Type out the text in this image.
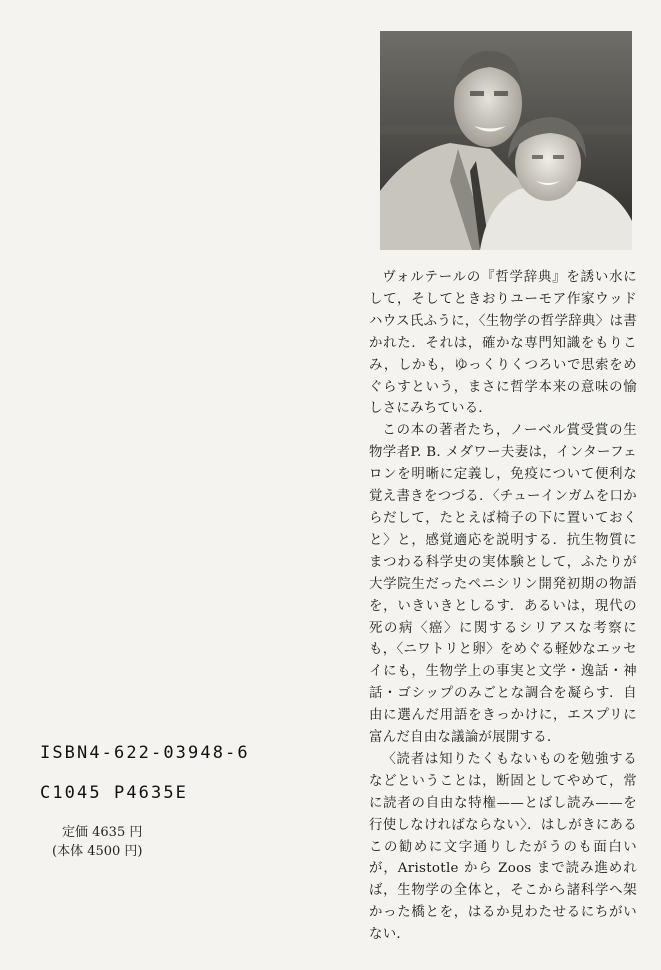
ヴォルテールの『哲学辞典』を誘い水にして，そしてときおりユーモア作家ウッドハウス氏ふうに，〈生物学の哲学辞典〉は書かれた．それは，確かな専門知識をもりこみ，しかも，ゆっくりくつろいで思索をめぐらすという，まさに哲学本来の意味の愉しさにみちている．

この本の著者たち，ノーベル賞受賞の生物学者P. B. メダワー夫妻は，インターフェロンを明晰に定義し，免疫について便利な覚え書きをつづる．〈チューインガムを口からだして，たとえば椅子の下に置いておくと〉と，感覚適応を説明する．抗生物質にまつわる科学史の実体験として，ふたりが大学院生だったペニシリン開発初期の物語を，いきいきとしるす．あるいは，現代の死の病〈癌〉に関するシリアスな考察にも，〈ニワトリと卵〉をめぐる軽妙なエッセイにも，生物学上の事実と文学・逸話・神話・ゴシップのみごとな調合を凝らす．自由に選んだ用語をきっかけに，エスプリに富んだ自由な議論が展開する．

〈読者は知りたくもないものを勉強するなどということは，断固としてやめて，常に読者の自由な特権——とばし読み——を行使しなければならない〉．はしがきにあるこの勧めに文字通りしたがうのも面白いが，Aristotle から Zoos まで読み進めれば，生物学の全体と，そこから諸科学へ架かった橋とを，はるか見わたせるにちがいない．

ISBN4-622-03948-6
C1045 P4635E
定価 4635 円
(本体 4500 円)
